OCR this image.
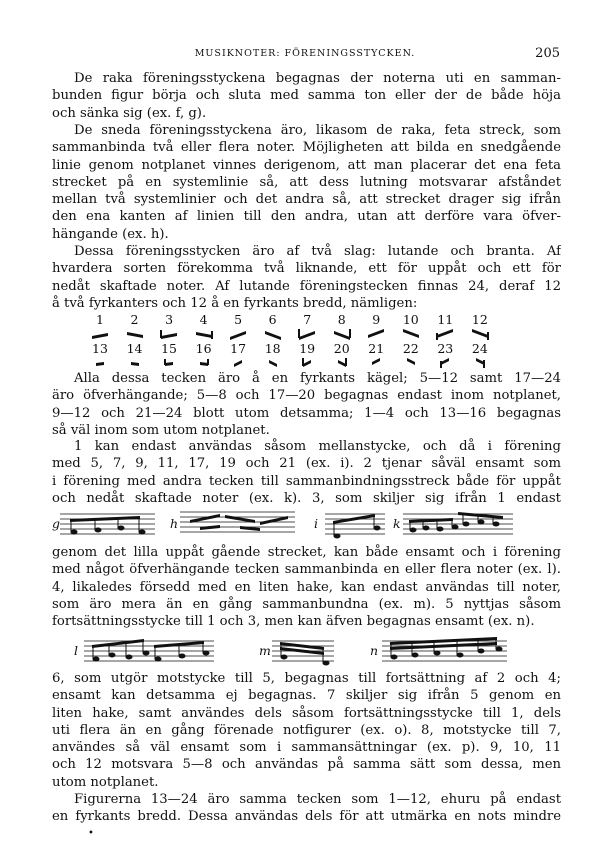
MUSIKNOTER: FÖRENINGSSTYCKEN.	205
De raka föreningsstyckena begagnas der noterna uti en samman-
bunden figur börja och sluta med samma ton eller der de både höja
och sänka sig (ex. f, g).
De sneda föreningsstyckena äro, likasom de raka, feta streck, som
sammanbinda två eller flera noter. Möjligheten att bilda en snedgående
linie genom notplanet vinnes derigenom, att man placerar det ena feta
strecket på en systemlinie så, att dess lutning motsvarar afståndet
mellan två systemlinier och det andra så, att strecket drager sig ifrån
den ena kanten af linien till den andra, utan att derföre vara öfver-
hängande (ex. h).
Dessa föreningsstycken äro af två slag: lutande och branta. Af
hvardera sorten förekomma två liknande, ett för uppåt och ett för
nedåt skaftade noter. Af lutande föreningstecken finnas 24, deraf 12
å två fyrkanters och 12 å en fyrkants bredd, nämligen:
1	2	3	4	5	6	7	8	9	10 11 12
13 14 15 16 17 18 19 20 21 22 23 24
Alla dessa tecken äro å en fyrkants kägel; 5—12 samt 17—24
äro öfverhängande; 5—8 och 17—20 begagnas endast inom notplanet,
9—12 och 21—24 blott utom detsamma; 1—4 och 13—16 begagnas
så väl inom som utom notplanet.
1 kan endast användas såsom mellanstycke, och då i förening
med 5, 7, 9, 11, 17, 19 och 21 (ex. i). 2 tjenar såväl ensamt som
i förening med andra tecken till sammanbindningsstreck både för uppåt
och nedåt skaftade noter (ex. k). 3, som skiljer sig ifrån 1 endast
g	h	i	k
genom det lilla uppåt gående strecket, kan både ensamt och i förening
med något öfverhängande tecken sammanbinda en eller flera noter (ex. l).
4, likaledes försedd med en liten hake, kan endast användas till noter,
som äro mera än en gång sammanbundna (ex. m). 5 nyttjas såsom
fortsättningsstycke till 1 och 3, men kan äfven begagnas ensamt (ex. n).
l	m	n
6, som utgör motstycke till 5, begagnas till fortsättning af 2 och 4;
ensamt kan detsamma ej begagnas. 7 skiljer sig ifrån 5 genom en
liten hake, samt användes dels såsom fortsättningsstycke till 1, dels
uti flera än en gång förenade notfigurer (ex. o). 8, motstycke till 7,
användes så väl ensamt som i sammansättningar (ex. p). 9, 10, 11
och 12 motsvara 5—8 och användas på samma sätt som dessa, men
utom notplanet.
Figurerna 13—24 äro samma tecken som 1—12, ehuru på endast
en fyrkants bredd. Dessa användas dels för att utmärka en nots mindre
•
